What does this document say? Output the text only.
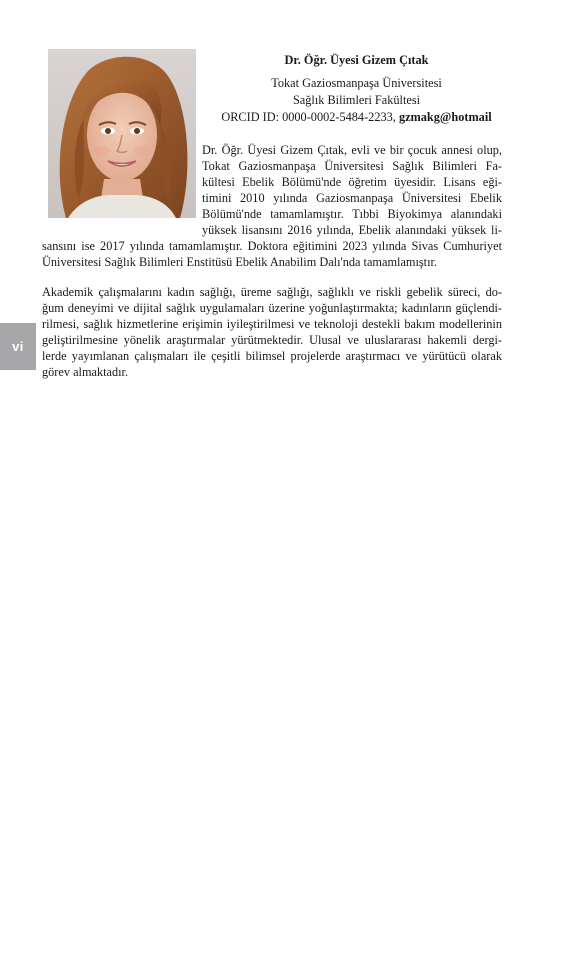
Dr. Öğr. Üyesi Gizem Çıtak
Tokat Gaziosmanpaşa Üniversitesi
Sağlık Bilimleri Fakültesi
ORCID ID: 0000-0002-5484-2233, gzmakg@hotmail
vi
Dr. Öğr. Üyesi Gizem Çıtak, evli ve bir çocuk annesi olup,
Tokat Gaziosmanpaşa Üniversitesi Sağlık Bilimleri Fa-
kültesi Ebelik Bölümü'nde öğretim üyesidir. Lisans eği-
timini 2010 yılında Gaziosmanpaşa Üniversitesi Ebelik
Bölümü'nde tamamlamıştır. Tıbbi Biyokimya alanındaki
yüksek lisansını 2016 yılında, Ebelik alanındaki yüksek li-
sansını ise 2017 yılında tamamlamıştır. Doktora eğitimini 2023 yılında Sivas Cumhuriyet
Üniversitesi Sağlık Bilimleri Enstitüsü Ebelik Anabilim Dalı'nda tamamlamıştır.
Akademik çalışmalarını kadın sağlığı, üreme sağlığı, sağlıklı ve riskli gebelik süreci, do-
ğum deneyimi ve dijital sağlık uygulamaları üzerine yoğunlaştırmakta; kadınların güçlendi-
rilmesi, sağlık hizmetlerine erişimin iyileştirilmesi ve teknoloji destekli bakım modellerinin
geliştirilmesine yönelik araştırmalar yürütmektedir. Ulusal ve uluslararası hakemli dergi-
lerde yayımlanan çalışmaları ile çeşitli bilimsel projelerde araştırmacı ve yürütücü olarak
görev almaktadır.
